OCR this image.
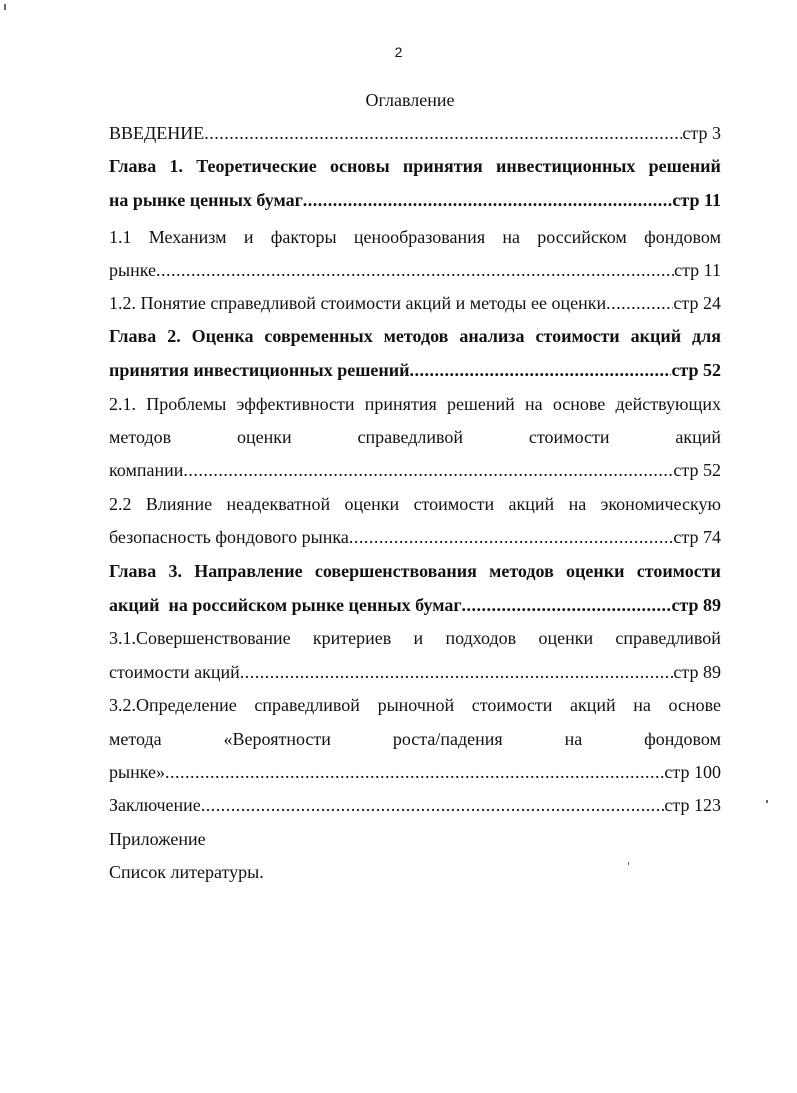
2
Оглавление
ВВЕДЕНИЕ .....	стр 3
Глава 1. Теоретические основы принятия инвестиционных решений
на рынке ценных бумаг .....	стр 11
1.1 Механизм и факторы ценообразования на российском фондовом
рынке .....	стр 11
1.2. Понятие справедливой стоимости акций и методы ее оценки .....	стр 24
Глава 2. Оценка современных методов анализа стоимости акций для
принятия инвестиционных решений .....	стр 52
2.1. Проблемы эффективности принятия решений на основе действующих
методов	оценки	справедливой	стоимости	акций
компании .....	стр 52
2.2 Влияние неадекватной оценки стоимости акций на экономическую
безопасность фондового рынка .....	стр 74
Глава 3. Направление совершенствования методов оценки стоимости
акций  на российском рынке ценных бумаг .....	стр 89
3.1.Совершенствование критериев и подходов оценки справедливой
стоимости акций .....	стр 89
3.2.Определение справедливой рыночной стоимости акций на основе
метода	«Вероятности	роста/падения	на	фондовом
рынке» .....	стр 100
Заключение .....	стр 123
Приложение
Список литературы.
